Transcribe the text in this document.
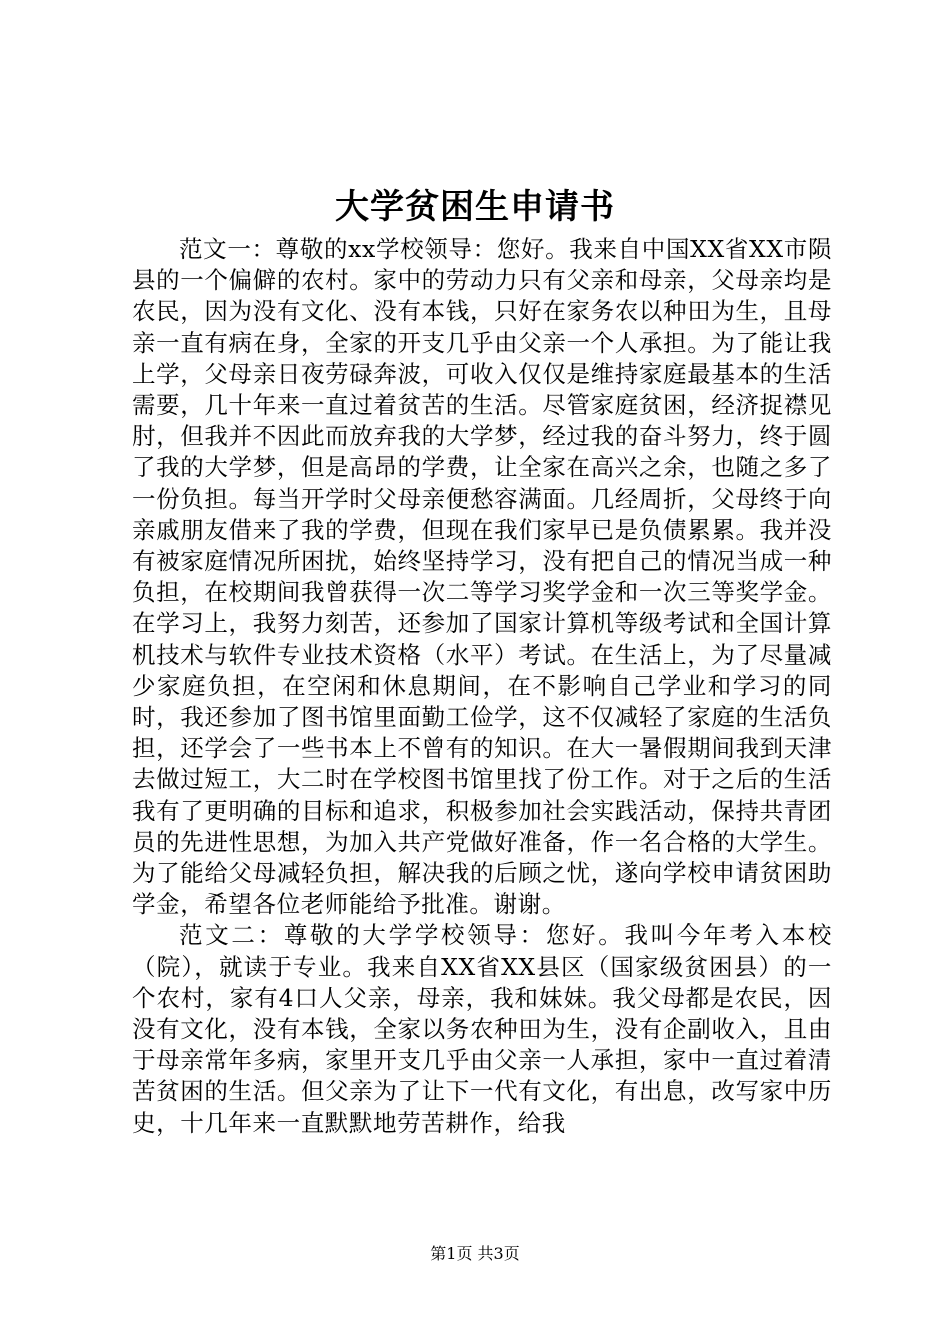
大学贫困生申请书

范文一：尊敬的xx学校领导：您好。我来自中国XX省XX市陨县的一个偏僻的农村。家中的劳动力只有父亲和母亲，父母亲均是农民，因为没有文化、没有本钱，只好在家务农以种田为生，且母亲一直有病在身，全家的开支几乎由父亲一个人承担。为了能让我上学，父母亲日夜劳碌奔波，可收入仅仅是维持家庭最基本的生活需要，几十年来一直过着贫苦的生活。尽管家庭贫困，经济捉襟见肘，但我并不因此而放弃我的大学梦，经过我的奋斗努力，终于圆了我的大学梦，但是高昂的学费，让全家在高兴之余，也随之多了一份负担。每当开学时父母亲便愁容满面。几经周折，父母终于向亲戚朋友借来了我的学费，但现在我们家早已是负债累累。我并没有被家庭情况所困扰，始终坚持学习，没有把自己的情况当成一种负担，在校期间我曾获得一次二等学习奖学金和一次三等奖学金。在学习上，我努力刻苦，还参加了国家计算机等级考试和全国计算机技术与软件专业技术资格（水平）考试。在生活上，为了尽量减少家庭负担，在空闲和休息期间，在不影响自己学业和学习的同时，我还参加了图书馆里面勤工俭学，这不仅减轻了家庭的生活负担，还学会了一些书本上不曾有的知识。在大一暑假期间我到天津去做过短工，大二时在学校图书馆里找了份工作。对于之后的生活我有了更明确的目标和追求，积极参加社会实践活动，保持共青团员的先进性思想，为加入共产党做好准备，作一名合格的大学生。为了能给父母减轻负担，解决我的后顾之忧，遂向学校申请贫困助学金，希望各位老师能给予批准。谢谢。

范文二：尊敬的大学学校领导：您好。我叫今年考入本校（院），就读于专业。我来自XX省XX县区（国家级贫困县）的一个农村，家有4口人父亲，母亲，我和妹妹。我父母都是农民，因没有文化，没有本钱，全家以务农种田为生，没有企副收入，且由于母亲常年多病，家里开支几乎由父亲一人承担，家中一直过着清苦贫困的生活。但父亲为了让下一代有文化，有出息，改写家中历史，十几年来一直默默地劳苦耕作，给我

第1页 共3页
